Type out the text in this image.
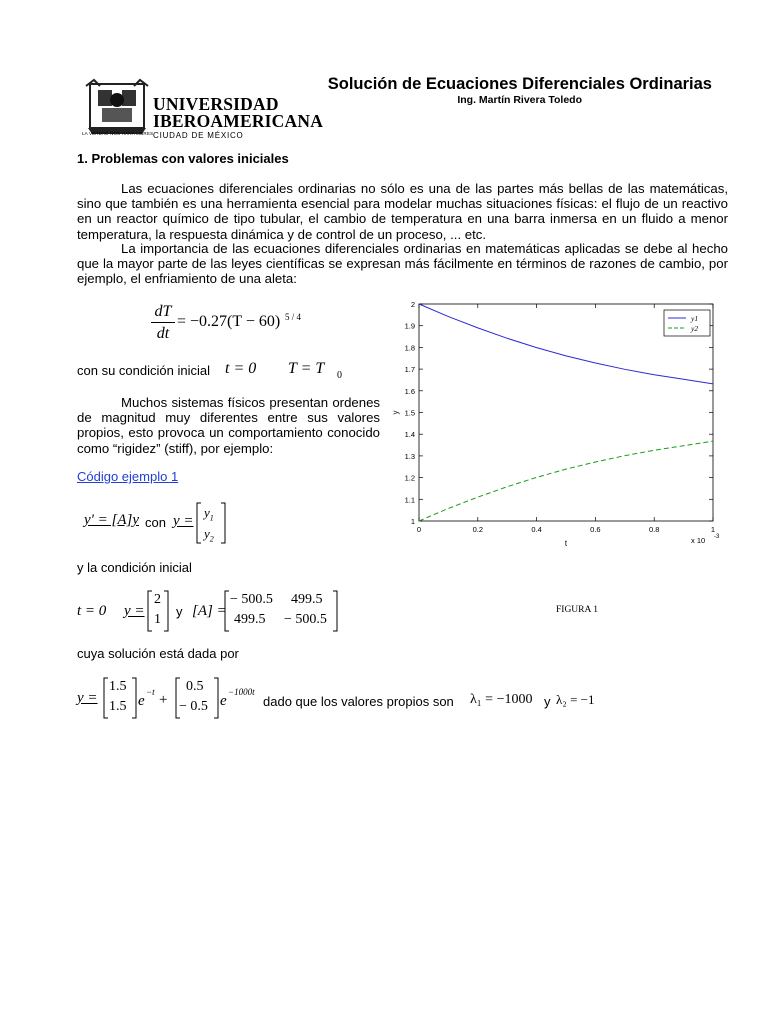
LA VERDAD NOS HARÁ LIBRES
UNIVERSIDAD
IBEROAMERICANA
CIUDAD DE MÉXICO
Solución de Ecuaciones Diferenciales Ordinarias
Ing. Martín Rivera Toledo
1. Problemas con valores iniciales
Las ecuaciones diferenciales ordinarias no sólo es una de las partes más bellas de las matemáticas, sino que también es una herramienta esencial para modelar muchas situaciones físicas: el flujo de un reactivo en un reactor químico de tipo tubular, el cambio de temperatura en una barra inmersa en un fluido a menor temperatura, la respuesta dinámica y de control de un proceso, ... etc.
La importancia de las ecuaciones diferenciales ordinarias en matemáticas aplicadas se debe al hecho que la mayor parte de las leyes científicas se expresan más fácilmente en términos de razones de cambio, por ejemplo, el enfriamiento de una aleta:
dT
dt
= −0.27(T − 60) 5 / 4
con su condición inicial t = 0 T = T 0
Muchos sistemas físicos presentan ordenes de magnitud muy diferentes entre sus valores propios, esto provoca un comportamiento conocido como “rigidez” (stiff), por ejemplo:
Código ejemplo 1
y' = [A]y con y =
$y_1$
$y_2$
y la condición inicial
t = 0 y =
2
1
y [A] =
− 500.5 499.5
499.5 − 500.5
FIGURA 1
cuya solución está dada por
y =
1.5
1.5 e
−t +
0.5
− 0.5 e
−1000t
dado que los valores propios son λ₁ = −1000 y λ₂ = −1
0	0.2	0.4	0.6	0.8	1
1
1.1
1.2
1.3
1.4
1.5
1.6
1.7
1.8
1.9
2
t
y
x 10 -3
y1
y2
